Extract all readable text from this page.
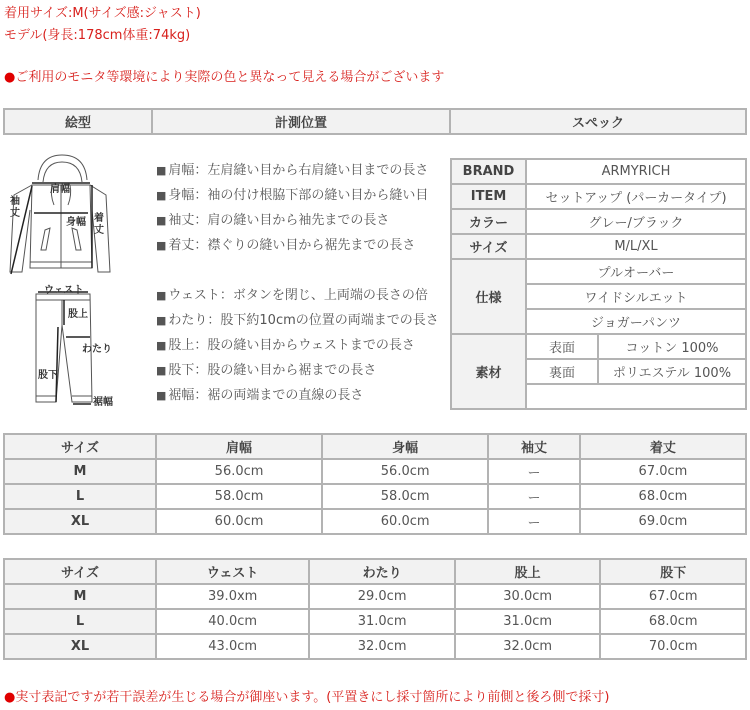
着用サイズ:M(サイズ感:ジャスト)
モデル(身長:178cm体重:74kg)
●ご利用のモニタ等環境により実際の色と異なって見える場合がございます
絵型	計測位置	スペック
肩幅
身幅
袖
丈	着
丈
ウェスト
股上
わたり
股下
裾幅
■ 肩幅：左肩縫い目から右肩縫い目までの長さ
■ 身幅：袖の付け根脇下部の縫い目から縫い目
■ 袖丈：肩の縫い目から袖先までの長さ
■ 着丈：襟ぐりの縫い目から裾先までの長さ
■ ウェスト：ボタンを閉じ、上両端の長さの倍
■ わたり：股下約10cmの位置の両端までの長さ
■ 股上：股の縫い目からウェストまでの長さ
■ 股下：股の縫い目から裾までの長さ
■ 裾幅：裾の両端までの直線の長さ
BRAND	ARMYRICH	
ITEM	セットアップ (パーカータイプ)	
カラー	グレー/ブラック	
サイズ	M/L/XL	
仕様	プルオーバー	
	ワイドシルエット	
	ジョガーパンツ	
素材	表面	コットン 100%
	裏面	ポリエステル 100%

サイズ	肩幅	身幅	袖丈	着丈
M	56.0cm	56.0cm	ー	67.0cm
L	58.0cm	58.0cm	ー	68.0cm
XL	60.0cm	60.0cm	ー	69.0cm
サイズ	ウェスト	わたり	股上	股下
M	39.0xm	29.0cm	30.0cm	67.0cm
L	40.0cm	31.0cm	31.0cm	68.0cm
XL	43.0cm	32.0cm	32.0cm	70.0cm
●実寸表記ですが若干誤差が生じる場合が御座います。(平置きにし採寸箇所により前側と後ろ側で採寸)
